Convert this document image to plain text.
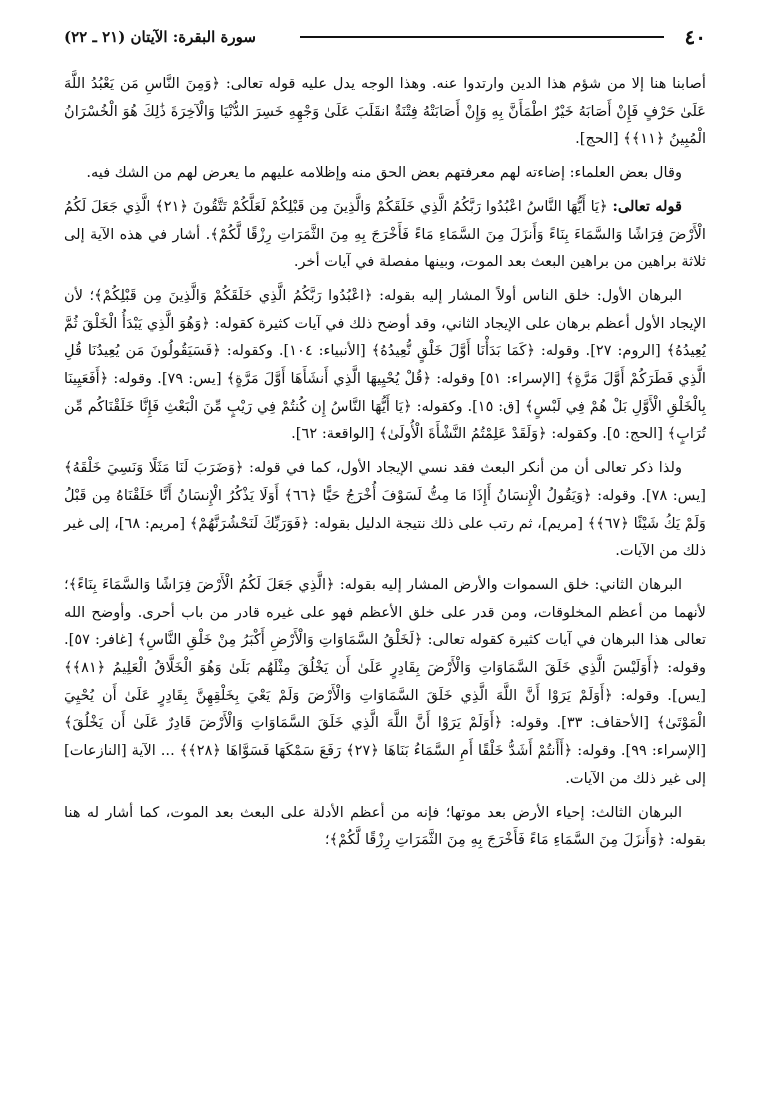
٤٠
سورة البقرة: الآيتان (٢١ ـ ٢٢)

أصابنا هنا إلا من شؤم هذا الدين وارتدوا عنه. وهذا الوجه يدل عليه قوله تعالى: ﴿وَمِنَ النَّاسِ مَن يَعْبُدُ اللَّهَ عَلَىٰ حَرْفٍ فَإِنْ أَصَابَهُ خَيْرٌ اطْمَأَنَّ بِهِ وَإِنْ أَصَابَتْهُ فِتْنَةٌ انقَلَبَ عَلَىٰ وَجْهِهِ خَسِرَ الدُّنْيَا وَالْآخِرَةَ ذَٰلِكَ هُوَ الْخُسْرَانُ الْمُبِينُ ﴿١١﴾﴾ [الحج].

وقال بعض العلماء: إضاءته لهم معرفتهم بعض الحق منه وإظلامه عليهم ما يعرض لهم من الشك فيه.

قوله تعالى: ﴿يَا أَيُّهَا النَّاسُ اعْبُدُوا رَبَّكُمُ الَّذِي خَلَقَكُمْ وَالَّذِينَ مِن قَبْلِكُمْ لَعَلَّكُمْ تَتَّقُونَ ﴿٢١﴾ الَّذِي جَعَلَ لَكُمُ الْأَرْضَ فِرَاشًا وَالسَّمَاءَ بِنَاءً وَأَنزَلَ مِنَ السَّمَاءِ مَاءً فَأَخْرَجَ بِهِ مِنَ الثَّمَرَاتِ رِزْقًا لَّكُمْ﴾. أشار في هذه الآية إلى ثلاثة براهين من براهين البعث بعد الموت، وبينها مفصلة في آيات أخر.

البرهان الأول: خلق الناس أولاً المشار إليه بقوله: ﴿اعْبُدُوا رَبَّكُمُ الَّذِي خَلَقَكُمْ وَالَّذِينَ مِن قَبْلِكُمْ﴾؛ لأن الإيجاد الأول أعظم برهان على الإيجاد الثاني، وقد أوضح ذلك في آيات كثيرة كقوله: ﴿وَهُوَ الَّذِي يَبْدَأُ الْخَلْقَ ثُمَّ يُعِيدُهُ﴾ [الروم: ٢٧]. وقوله: ﴿كَمَا بَدَأْنَا أَوَّلَ خَلْقٍ نُّعِيدُهُ﴾ [الأنبياء: ١٠٤]. وكقوله: ﴿فَسَيَقُولُونَ مَن يُعِيدُنَا قُلِ الَّذِي فَطَرَكُمْ أَوَّلَ مَرَّةٍ﴾ [الإسراء: ٥١] وقوله: ﴿قُلْ يُحْيِيهَا الَّذِي أَنشَأَهَا أَوَّلَ مَرَّةٍ﴾ [يس: ٧٩]. وقوله: ﴿أَفَعَيِينَا بِالْخَلْقِ الْأَوَّلِ بَلْ هُمْ فِي لَبْسٍ﴾ [ق: ١٥]. وكقوله: ﴿يَا أَيُّهَا النَّاسُ إِن كُنتُمْ فِي رَيْبٍ مِّنَ الْبَعْثِ فَإِنَّا خَلَقْنَاكُم مِّن تُرَابٍ﴾ [الحج: ٥]. وكقوله: ﴿وَلَقَدْ عَلِمْتُمُ النَّشْأَةَ الْأُولَىٰ﴾ [الواقعة: ٦٢].

ولذا ذكر تعالى أن من أنكر البعث فقد نسي الإيجاد الأول، كما في قوله: ﴿وَضَرَبَ لَنَا مَثَلًا وَنَسِيَ خَلْقَهُ﴾ [يس: ٧٨]. وقوله: ﴿وَيَقُولُ الْإِنسَانُ أَإِذَا مَا مِتُّ لَسَوْفَ أُخْرَجُ حَيًّا ﴿٦٦﴾ أَوَلَا يَذْكُرُ الْإِنسَانُ أَنَّا خَلَقْنَاهُ مِن قَبْلُ وَلَمْ يَكُ شَيْئًا ﴿٦٧﴾﴾ [مريم]، ثم رتب على ذلك نتيجة الدليل بقوله: ﴿فَوَرَبِّكَ لَنَحْشُرَنَّهُمْ﴾ [مريم: ٦٨]، إلى غير ذلك من الآيات.

البرهان الثاني: خلق السموات والأرض المشار إليه بقوله: ﴿الَّذِي جَعَلَ لَكُمُ الْأَرْضَ فِرَاشًا وَالسَّمَاءَ بِنَاءً﴾؛ لأنهما من أعظم المخلوقات، ومن قدر على خلق الأعظم فهو على غيره قادر من باب أحرى. وأوضح الله تعالى هذا البرهان في آيات كثيرة كقوله تعالى: ﴿لَخَلْقُ السَّمَاوَاتِ وَالْأَرْضِ أَكْبَرُ مِنْ خَلْقِ النَّاسِ﴾ [غافر: ٥٧]. وقوله: ﴿أَوَلَيْسَ الَّذِي خَلَقَ السَّمَاوَاتِ وَالْأَرْضَ بِقَادِرٍ عَلَىٰ أَن يَخْلُقَ مِثْلَهُم بَلَىٰ وَهُوَ الْخَلَّاقُ الْعَلِيمُ ﴿٨١﴾﴾ [يس]. وقوله: ﴿أَوَلَمْ يَرَوْا أَنَّ اللَّهَ الَّذِي خَلَقَ السَّمَاوَاتِ وَالْأَرْضَ وَلَمْ يَعْيَ بِخَلْقِهِنَّ بِقَادِرٍ عَلَىٰ أَن يُحْيِيَ الْمَوْتَىٰ﴾ [الأحقاف: ٣٣]. وقوله: ﴿أَوَلَمْ يَرَوْا أَنَّ اللَّهَ الَّذِي خَلَقَ السَّمَاوَاتِ وَالْأَرْضَ قَادِرٌ عَلَىٰ أَن يَخْلُقَ﴾ [الإسراء: ٩٩]. وقوله: ﴿أَأَنتُمْ أَشَدُّ خَلْقًا أَمِ السَّمَاءُ بَنَاهَا ﴿٢٧﴾ رَفَعَ سَمْكَهَا فَسَوَّاهَا ﴿٢٨﴾﴾ ... الآية [النازعات] إلى غير ذلك من الآيات.

البرهان الثالث: إحياء الأرض بعد موتها؛ فإنه من أعظم الأدلة على البعث بعد الموت، كما أشار له هنا بقوله: ﴿وَأَنزَلَ مِنَ السَّمَاءِ مَاءً فَأَخْرَجَ بِهِ مِنَ الثَّمَرَاتِ رِزْقًا لَّكُمْ﴾؛
